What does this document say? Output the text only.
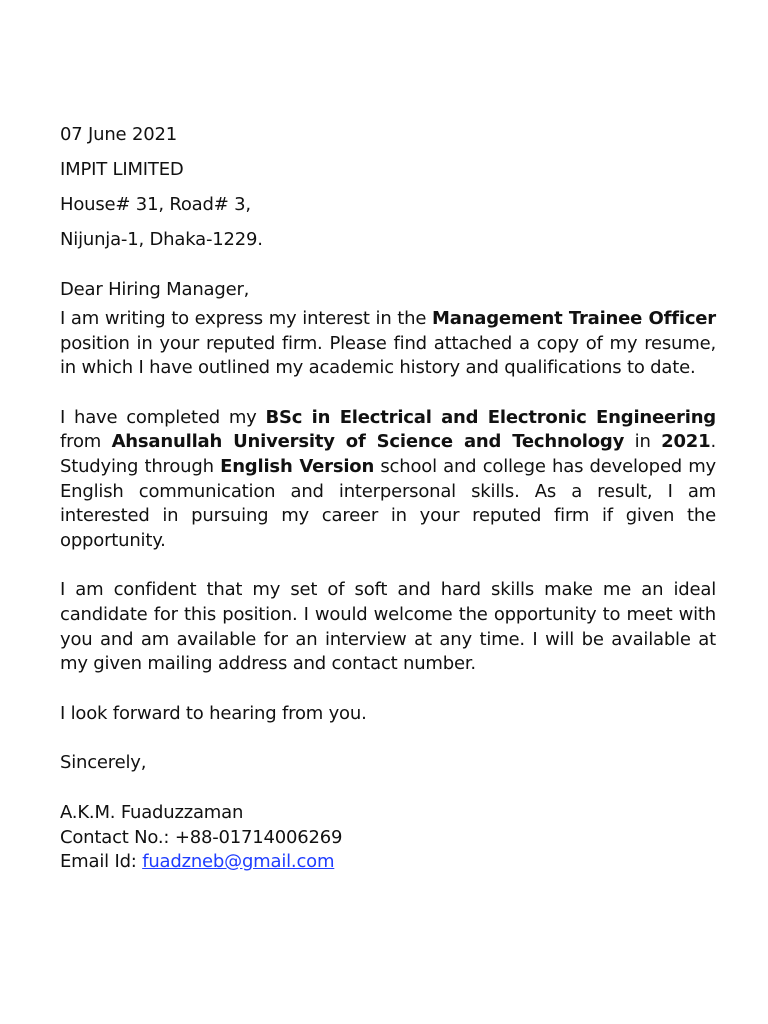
07 June 2021

IMPIT LIMITED

House# 31, Road# 3,

Nijunja-1, Dhaka-1229.

Dear Hiring Manager,

I am writing to express my interest in the Management Trainee Officer position in your reputed firm. Please find attached a copy of my resume, in which I have outlined my academic history and qualifications to date.

I have completed my BSc in Electrical and Electronic Engineering from Ahsanullah University of Science and Technology in 2021. Studying through English Version school and college has developed my English communication and interpersonal skills. As a result, I am interested in pursuing my career in your reputed firm if given the opportunity.

I am confident that my set of soft and hard skills make me an ideal candidate for this position. I would welcome the opportunity to meet with you and am available for an interview at any time. I will be available at my given mailing address and contact number.

I look forward to hearing from you.

Sincerely,

A.K.M. Fuaduzzaman

Contact No.: +88-01714006269

Email Id: fuadzneb@gmail.com
